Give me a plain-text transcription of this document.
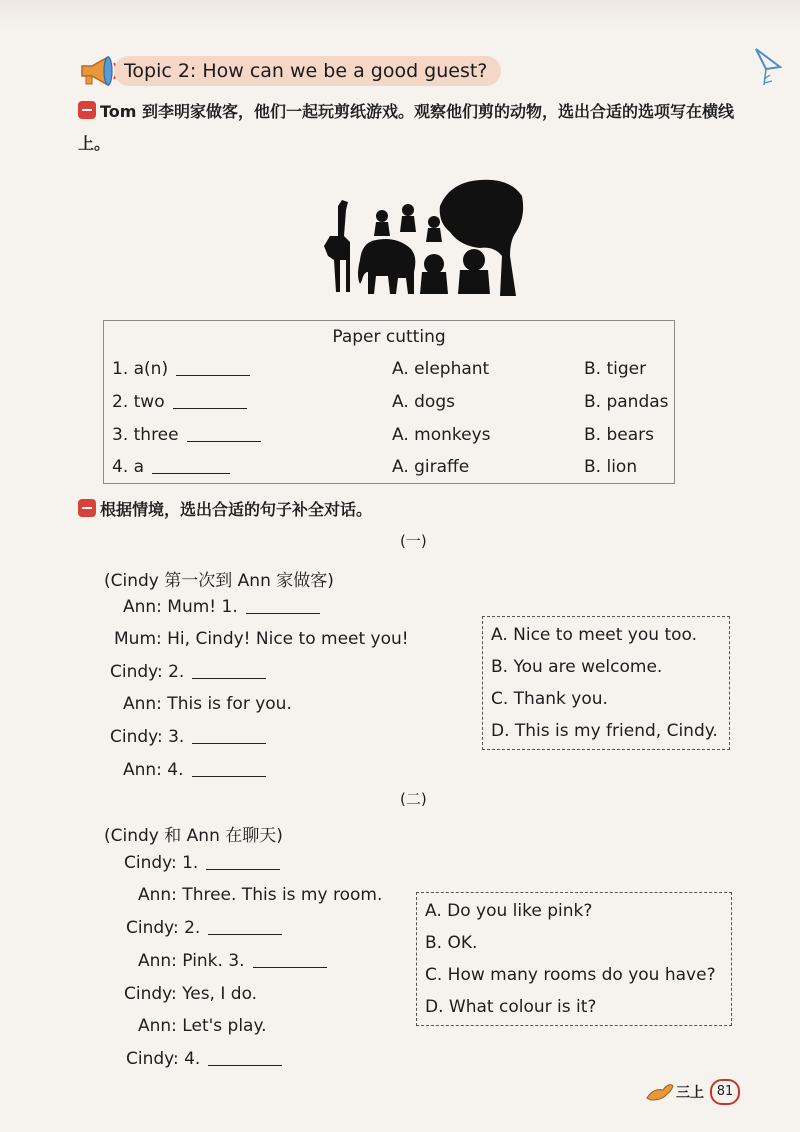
Topic 2: How can we be a good guest?
Tom 到李明家做客，他们一起玩剪纸游戏。观察他们剪的动物，选出合适的选项写在横线上。
Paper cutting
1. a(n)	A. elephant	B. tiger
2. two	A. dogs	B. pandas
3. three	A. monkeys	B. bears
4. a	A. giraffe	B. lion
根据情境，选出合适的句子补全对话。
(一)
(Cindy 第一次到 Ann 家做客)
Ann: Mum! 1.
Mum: Hi, Cindy! Nice to meet you!
Cindy: 2.
Ann: This is for you.
Cindy: 3.
Ann: 4.
A. Nice to meet you too.
B. You are welcome.
C. Thank you.
D. This is my friend, Cindy.
(二)
(Cindy 和 Ann 在聊天)
Cindy: 1.
Ann: Three. This is my room.
Cindy: 2.
Ann: Pink. 3.
Cindy: Yes, I do.
Ann: Let's play.
Cindy: 4.
A. Do you like pink?
B. OK.
C. How many rooms do you have?
D. What colour is it?
三上 81
